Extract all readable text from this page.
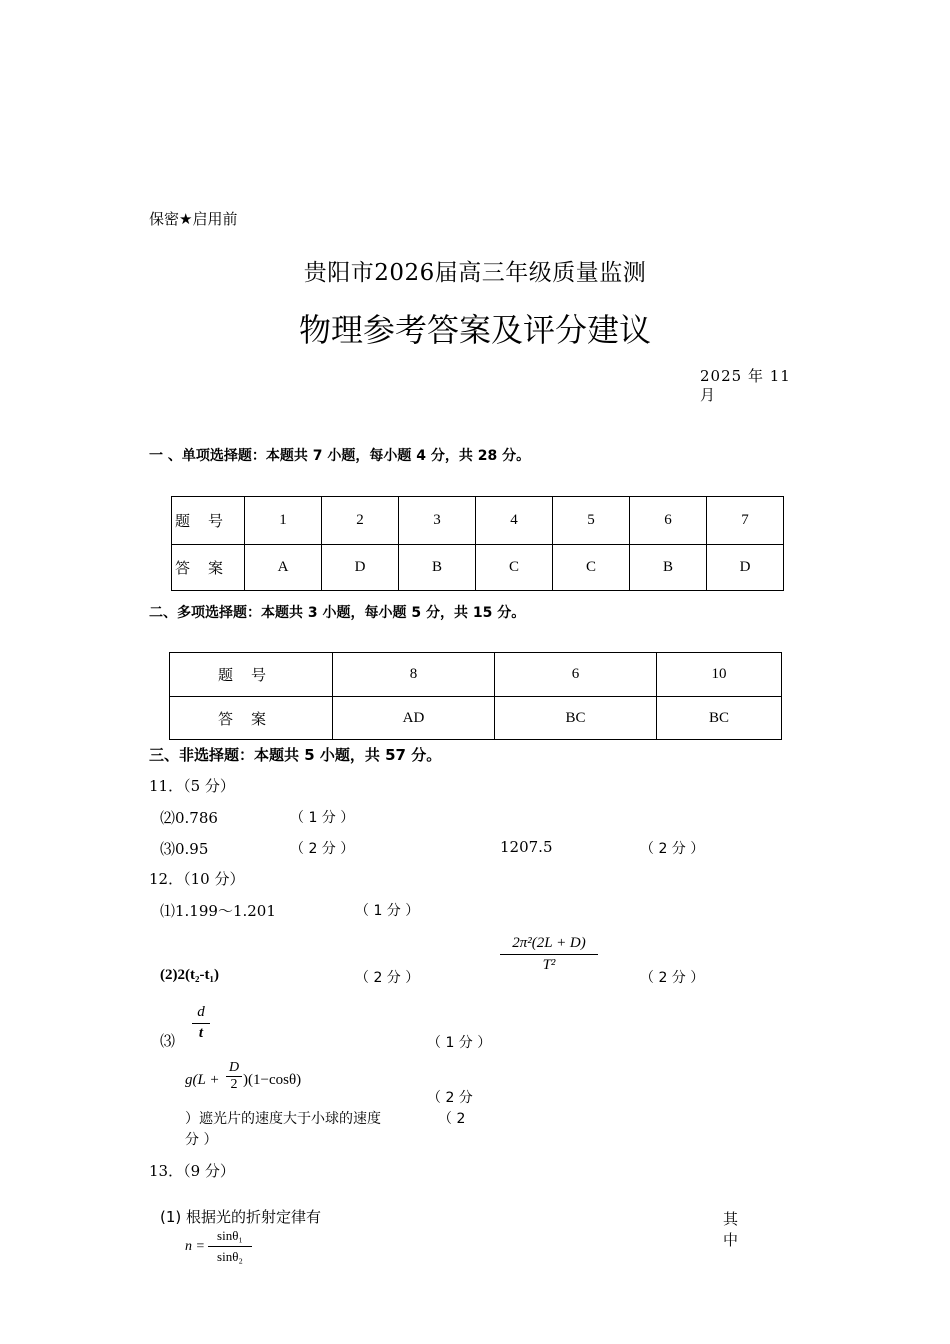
保密★启用前
贵阳市2026届高三年级质量监测
物理参考答案及评分建议
2025 年 11
月
一 、单项选择题：本题共 7 小题，每小题 4 分，共 28 分。
题号	1	2	3	4	5	6	7
答案	A	D	B	C	C	B	D
二、多项选择题：本题共 3 小题，每小题 5 分，共 15 分。
题号	8	6	10
答案	AD	BC	BC
三、非选择题：本题共 5 小题，共 57 分。
11．（5 分）
⑵0.786	（ 1 分 ）
⑶0.95	（ 2 分 ）	1207.5	（ 2 分 ）
12．（10 分）
⑴1.199～1.201	（ 1 分 ）
(2)2(t₂-t₁)	（ 2 分 ）
$\frac{\text{2π²(2L + D)}}{\text{T²}}$
（ 2 分 ）
⑶ $\frac{d}{t}$
（ 1 分 ）
$g(L + \frac{D}{2} )(1-\cos\theta)$
（ 2 分
）遮光片的速度大于小球的速度	（ 2
分 ）
13．（9 分）
(1) 根据光的折射定律有	其
中
$n = \frac{\text{sinθ₁}}{\text{sinθ₂}}$
